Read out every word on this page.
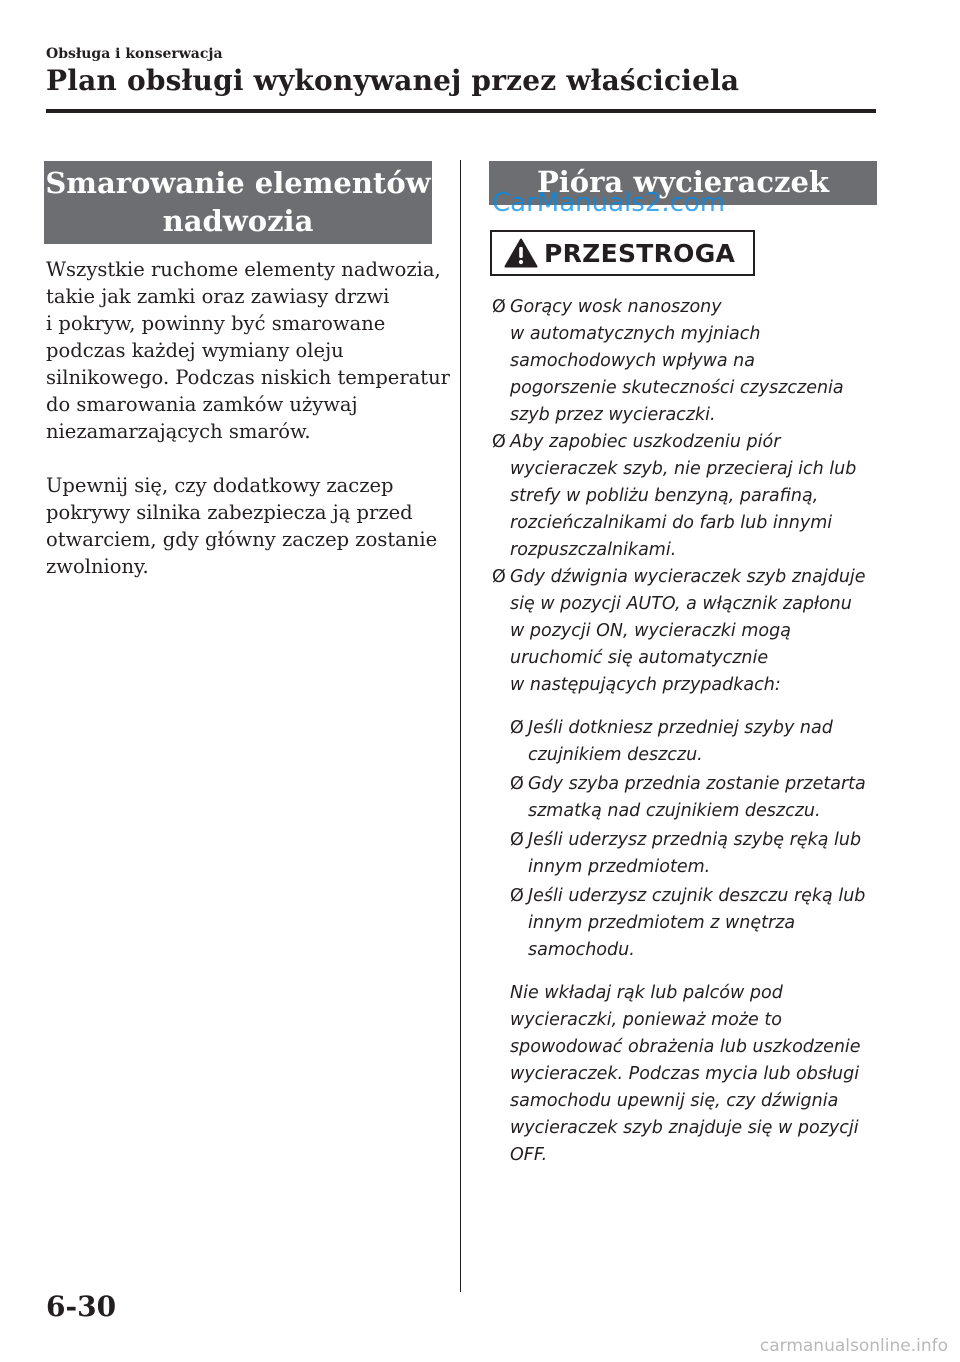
Obsługa i konserwacja
Plan obsługi wykonywanej przez właściciela
Smarowanie elementów
nadwozia

Wszystkie ruchome elementy nadwozia,

takie jak zamki oraz zawiasy drzwi

i pokryw, powinny być smarowane

podczas każdej wymiany oleju

silnikowego. Podczas niskich temperatur

do smarowania zamków używaj

niezamarzających smarów.

Upewnij się, czy dodatkowy zaczep

pokrywy silnika zabezpiecza ją przed

otwarciem, gdy główny zaczep zostanie

zwolniony.

Pióra wycieraczek
CarManuals2.com
PRZESTROGA
Ø Gorący wosk nanoszony
w automatycznych myjniach
samochodowych wpływa na
pogorszenie skuteczności czyszczenia
szyb przez wycieraczki.
Ø Aby zapobiec uszkodzeniu piór
wycieraczek szyb, nie przecieraj ich lub
strefy w pobliżu benzyną, parafiną,
rozcieńczalnikami do farb lub innymi
rozpuszczalnikami.
Ø Gdy dźwignia wycieraczek szyb znajduje
się w pozycji AUTO, a włącznik zapłonu
w pozycji ON, wycieraczki mogą
uruchomić się automatycznie
w następujących przypadkach:
Ø Jeśli dotkniesz przedniej szyby nad czujnikiem deszczu.
Ø Gdy szyba przednia zostanie przetarta szmatką nad czujnikiem deszczu.
Ø Jeśli uderzysz przednią szybę ręką lub innym przedmiotem.
Ø Jeśli uderzysz czujnik deszczu ręką lub innym przedmiotem z wnętrza samochodu.
Nie wkładaj rąk lub palców pod
wycieraczki, ponieważ może to
spowodować obrażenia lub uszkodzenie
wycieraczek. Podczas mycia lub obsługi
samochodu upewnij się, czy dźwignia
wycieraczek szyb znajduje się w pozycji
OFF.
6-30
carmanualsonline.info
